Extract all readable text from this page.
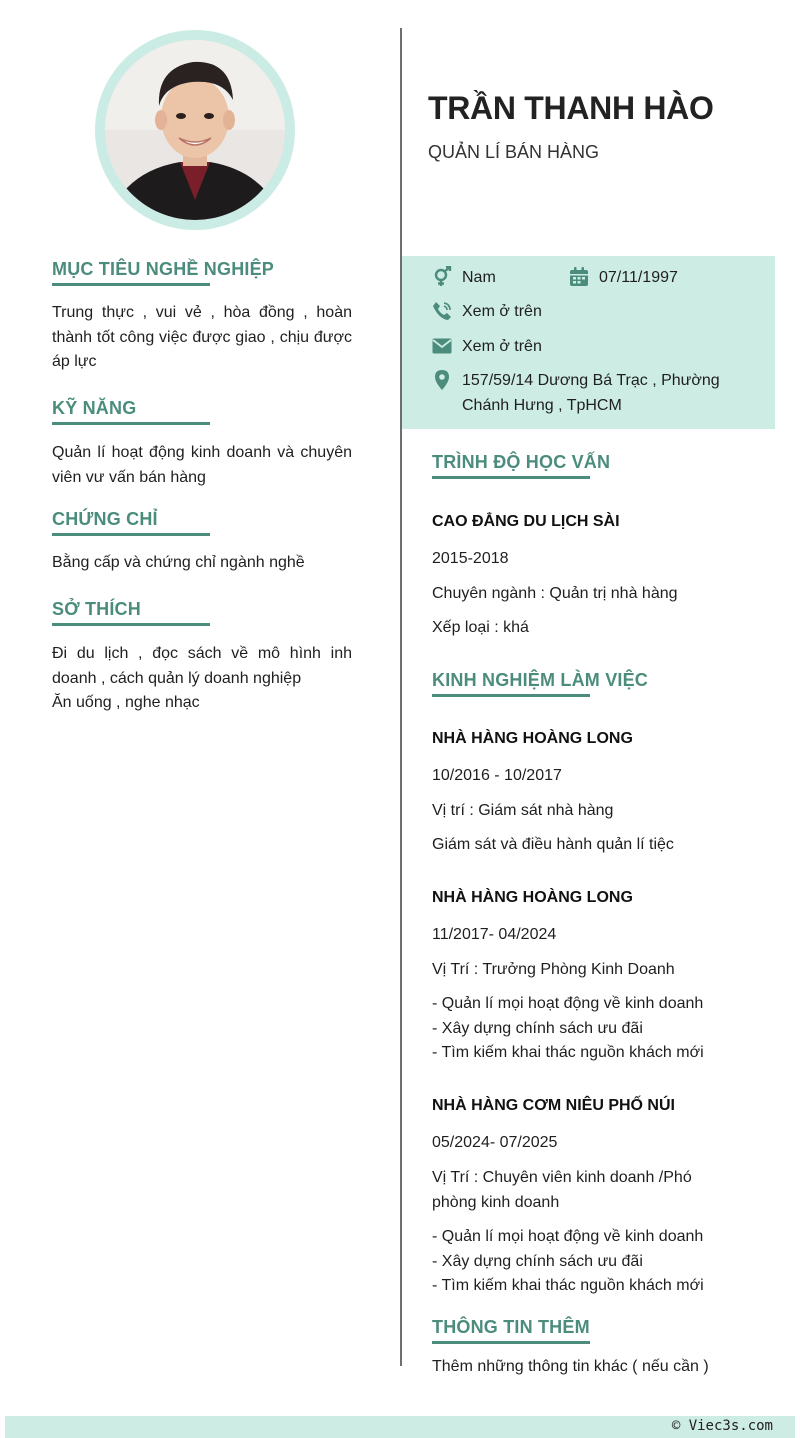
MỤC TIÊU NGHỀ NGHIỆP
Trung thực , vui vẻ , hòa đồng , hoàn thành tốt công việc được giao , chịu được áp lực
KỸ NĂNG
Quản lí hoạt động kinh doanh và chuyên viên vư vấn bán hàng
CHỨNG CHỈ
Bằng cấp và chứng chỉ ngành nghề
SỞ THÍCH
Đi du lịch , đọc sách về mô hình inh doanh , cách quản lý doanh nghiệp
Ăn uống , nghe nhạc
TRẦN THANH HÀO
QUẢN LÍ BÁN HÀNG
Nam	07/11/1997
Xem ở trên
Xem ở trên
157/59/14 Dương Bá Trạc , Phường
Chánh Hưng , TpHCM
TRÌNH ĐỘ HỌC VẤN
CAO ĐẲNG DU LỊCH SÀI
2015-2018
Chuyên ngành : Quản trị nhà hàng
Xếp loại : khá
KINH NGHIỆM LÀM VIỆC
NHÀ HÀNG HOÀNG LONG
10/2016 - 10/2017
Vị trí : Giám sát nhà hàng
Giám sát và điều hành quản lí tiệc
NHÀ HÀNG HOÀNG LONG
11/2017- 04/2024
Vị Trí : Trưởng Phòng Kinh Doanh
- Quản lí mọi hoạt động về kinh doanh
- Xây dựng chính sách ưu đãi
- Tìm kiếm khai thác nguồn khách mới
NHÀ HÀNG CƠM NIÊU PHỐ NÚI
05/2024- 07/2025
Vị Trí : Chuyên viên kinh doanh /Phó phòng kinh doanh
- Quản lí mọi hoạt động về kinh doanh
- Xây dựng chính sách ưu đãi
- Tìm kiếm khai thác nguồn khách mới
THÔNG TIN THÊM
Thêm những thông tin khác ( nếu cần )
© Viec3s.com
